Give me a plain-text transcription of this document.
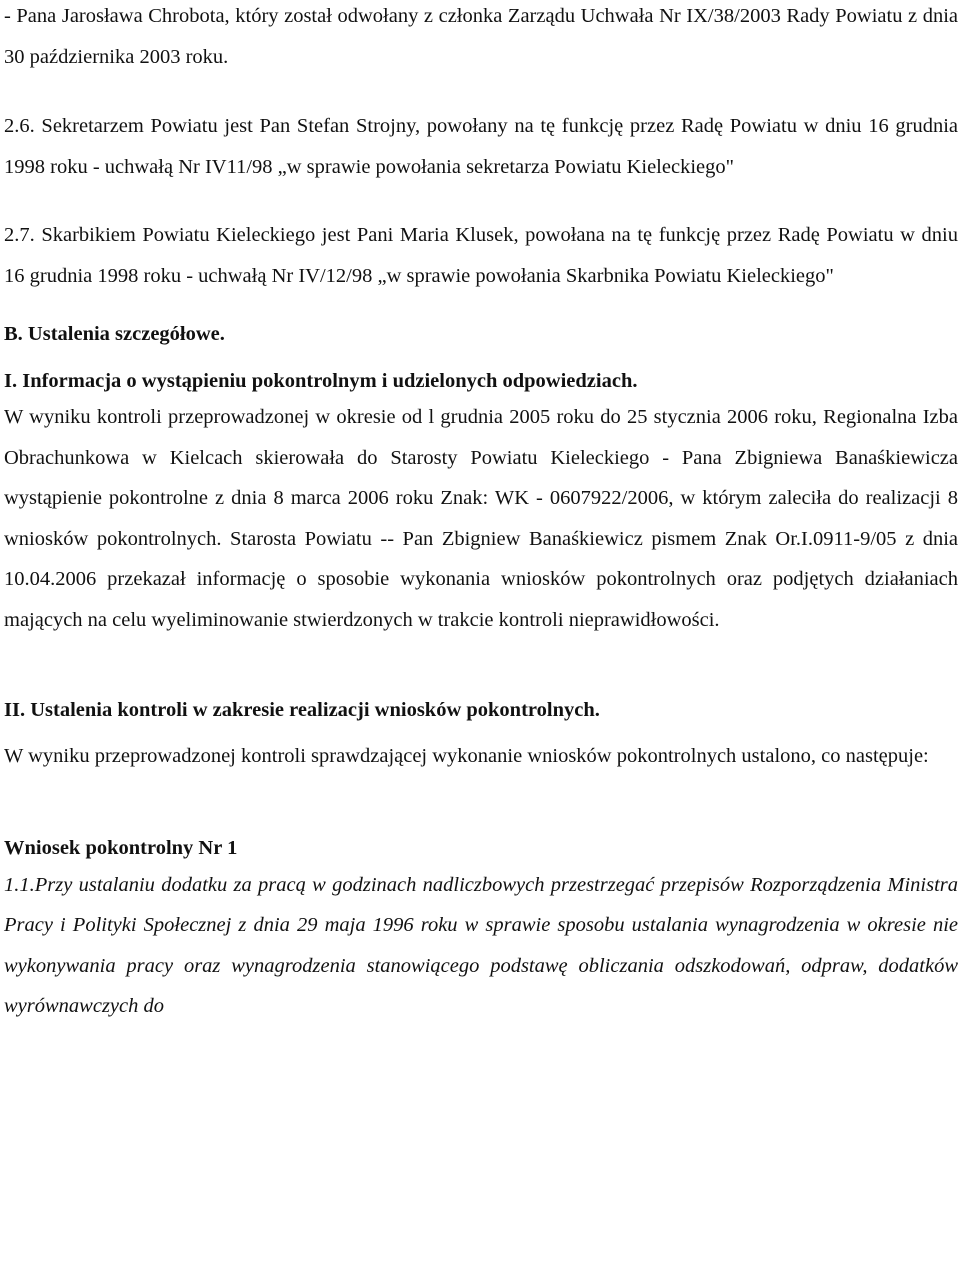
- Pana Jarosława Chrobota, który został odwołany z członka Zarządu Uchwała Nr IX/38/2003 Rady Powiatu z dnia 30 października 2003 roku.

2.6. Sekretarzem Powiatu jest Pan Stefan Strojny, powołany na tę funkcję przez Radę Powiatu w dniu 16 grudnia 1998 roku - uchwałą Nr IV11/98 „w sprawie powołania sekretarza Powiatu Kieleckiego"

2.7. Skarbikiem Powiatu Kieleckiego jest Pani Maria Klusek, powołana na tę funkcję przez Radę Powiatu w dniu 16 grudnia 1998 roku - uchwałą Nr IV/12/98 „w sprawie powołania Skarbnika Powiatu Kieleckiego"

B. Ustalenia szczegółowe.

I. Informacja o wystąpieniu pokontrolnym i udzielonych odpowiedziach.

W wyniku kontroli przeprowadzonej w okresie od l grudnia 2005 roku do 25 stycznia 2006 roku, Regionalna Izba Obrachunkowa w Kielcach skierowała do Starosty Powiatu Kieleckiego - Pana Zbigniewa Banaśkiewicza wystąpienie pokontrolne z dnia 8 marca 2006 roku Znak: WK - 0607922/2006, w którym zaleciła do realizacji 8 wniosków pokontrolnych. Starosta Powiatu -- Pan Zbigniew Banaśkiewicz pismem Znak Or.I.0911-9/05 z dnia 10.04.2006 przekazał informację o sposobie wykonania wniosków pokontrolnych oraz podjętych działaniach mających na celu wyeliminowanie stwierdzonych w trakcie kontroli nieprawidłowości.

II. Ustalenia kontroli w zakresie realizacji wniosków pokontrolnych.

W wyniku przeprowadzonej kontroli sprawdzającej wykonanie wniosków pokontrolnych ustalono, co następuje:

Wniosek pokontrolny Nr 1

1.1.Przy ustalaniu dodatku za pracą w godzinach nadliczbowych przestrzegać przepisów Rozporządzenia Ministra Pracy i Polityki Społecznej z dnia 29 maja 1996 roku w sprawie sposobu ustalania wynagrodzenia w okresie nie wykonywania pracy oraz wynagrodzenia stanowiącego podstawę obliczania odszkodowań, odpraw, dodatków wyrównawczych do
